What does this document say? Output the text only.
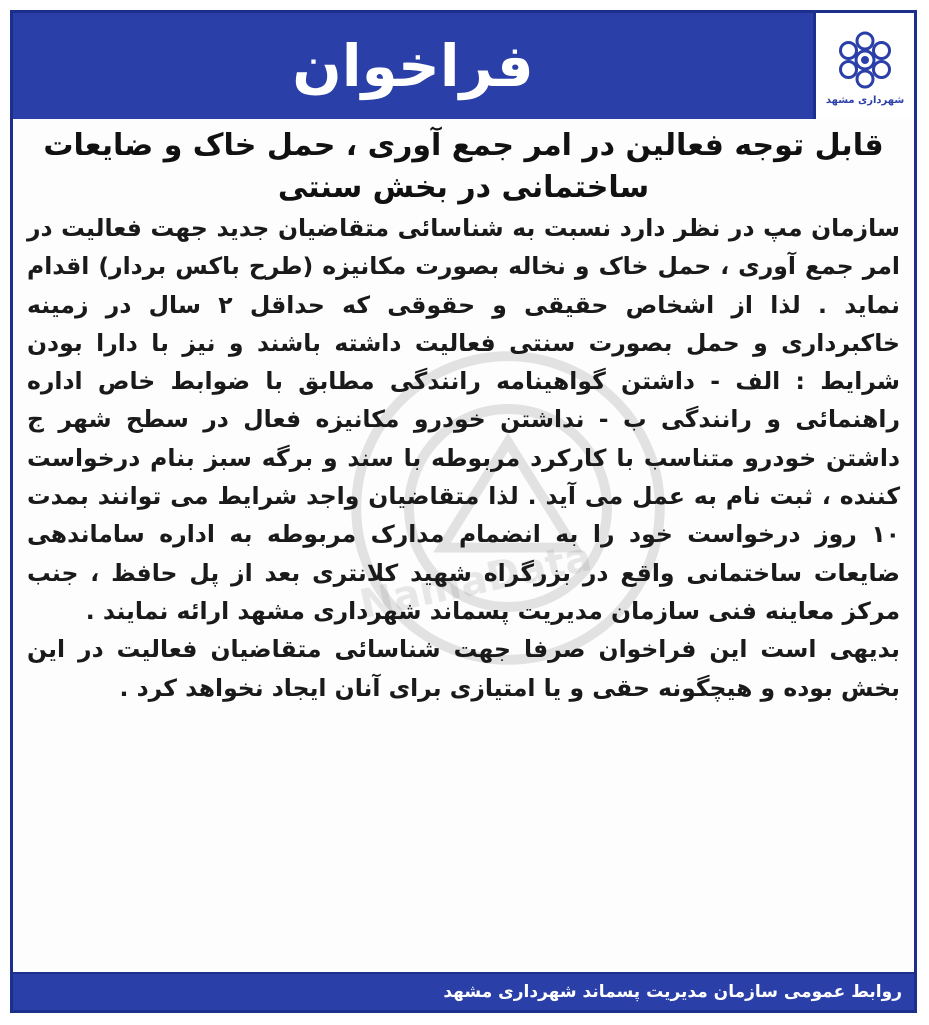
فراخوان	شهرداری مشهد
NamaData

قابل توجه فعالین در امر جمع آوری ، حمل خاک و ضایعات

ساختمانی در بخش سنتی

سازمان مپ در نظر دارد نسبت به شناسائی متقاضیان جدید جهت فعالیت در امر جمع آوری ، حمل خاک و نخاله بصورت مکانیزه (طرح باکس بردار) اقدام نماید . لذا از اشخاص حقیقی و حقوقی که حداقل ۲ سال در زمینه خاکبرداری و حمل بصورت سنتی فعالیت داشته باشند و نیز با دارا بودن شرایط : الف - داشتن گواهینامه رانندگی مطابق با ضوابط خاص اداره راهنمائی و رانندگی ب - نداشتن خودرو مکانیزه فعال در سطح شهر ج داشتن خودرو متناسب با کارکرد مربوطه با سند و برگه سبز بنام درخواست کننده ، ثبت نام به عمل می آید . لذا متقاضیان واجد شرایط می توانند بمدت ۱۰ روز درخواست خود را به انضمام مدارک مربوطه به اداره ساماندهی ضایعات ساختمانی واقع در بزرگراه شهید کلانتری بعد از پل حافظ ، جنب مرکز معاینه فنی سازمان مدیریت پسماند شهرداری مشهد ارائه نمایند .

بدیهی است این فراخوان صرفا جهت شناسائی متقاضیان فعالیت در این بخش بوده و هیچگونه حقی و یا امتیازی برای آنان ایجاد نخواهد کرد .

روابط عمومی سازمان مدیریت پسماند شهرداری مشهد
